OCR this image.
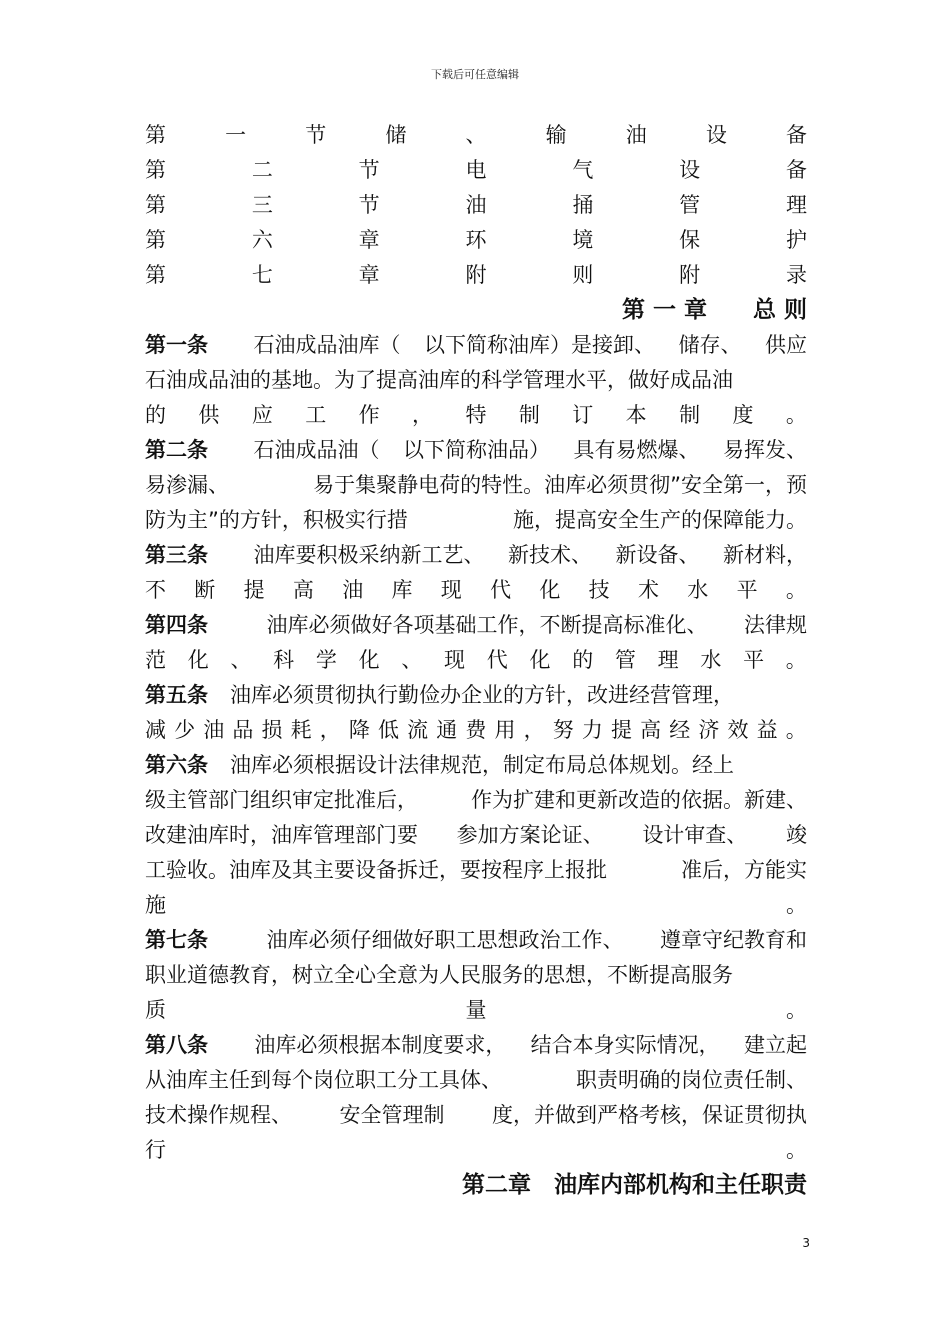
下载后可任意编辑
第	一	节	储	、	输	油	设	备
第	二	节	电	气	设	备
第	三	节	油	捅	管	理
第	六	章	环	境	保	护
第	七	章	附	则	附	录
第 一 章　　总 则
第一条 石油成品油库（ 以下简称油库）是接卸、 储存、 供应
石油成品油的基地。为了提高油库的科学管理水平，做好成品油
的 供 应 工 作 ， 特 制 订 本 制 度 。
第二条 石油成品油（ 以下简称油品） 具有易燃爆、 易挥发、
易渗漏、	易于集聚静电荷的特性。油库必须贯彻”安全第一，预
防为主”的方针，积极实行措	施，提高安全生产的保障能力。
第三条 油库要积极采纳新工艺、 新技术、 新设备、 新材料，
不 断 提 高 油 库 现 代 化 技 术 水 平 。
第四条	油库必须做好各项基础工作，不断提高标准化、 法律规
范 化 、 科 学 化 、 现 代 化 的 管 理 水 平 。
第五条 油库必须贯彻执行勤俭办企业的方针，改进经营管理，
减 少 油 品 损 耗 ， 降 低 流 通 费 用 ， 努 力 提 高 经 济 效 益 。
第六条 油库必须根据设计法律规范，制定布局总体规划。经上
级主管部门组织审定批准后，	作为扩建和更新改造的依据。新建、
改建油库时，油库管理部门要 参加方案论证、 设计审查、 竣
工验收。油库及其主要设备拆迁，要按程序上报批	准后，方能实
施	。
第七条	油库必须仔细做好职工思想政治工作、 遵章守纪教育和
职业道德教育，树立全心全意为人民服务的思想，不断提高服务
质	量	。
第八条 油库必须根据本制度要求， 结合本身实际情况， 建立起
从油库主任到每个岗位职工分工具体、	职责明确的岗位责任制、
技术操作规程、 安全管理制 度，并做到严格考核，保证贯彻执
行	。
第二章　油库内部机构和主任职责
3
